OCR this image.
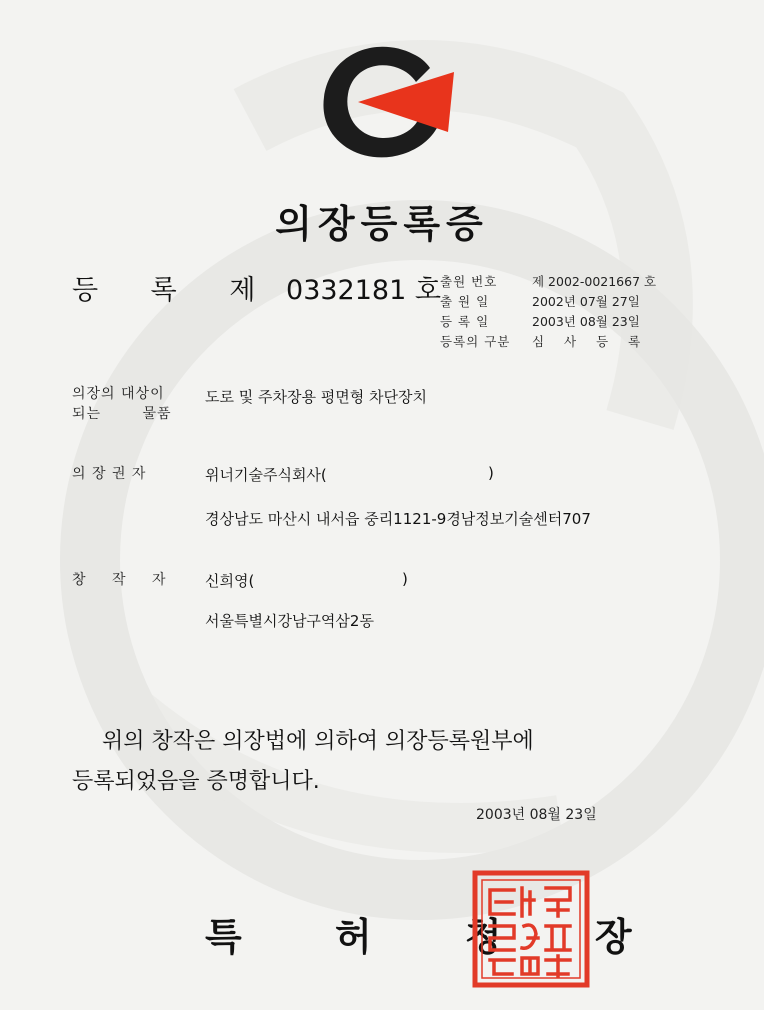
의장등록증
등 록 제 0332181 호 출원 번호	제 2002-0021667 호
출 원 일	2002년 07월 27일
등 록 일	2003년 08월 23일
등록의 구분	심 사 등 록
의장의 대상이
되는 물품
도로 및 주차장용 평면형 차단장치
의 장 권 자	위너기술주식회사(	)
경상남도 마산시 내서읍 중리1121-9경남정보기술센터707
창 작 자	신희영(	)
서울특별시강남구역삼2동
위의 창작은 의장법에 의하여 의장등록원부에
등록되었음을 증명합니다.
2003년 08월 23일
특 허 청 장
